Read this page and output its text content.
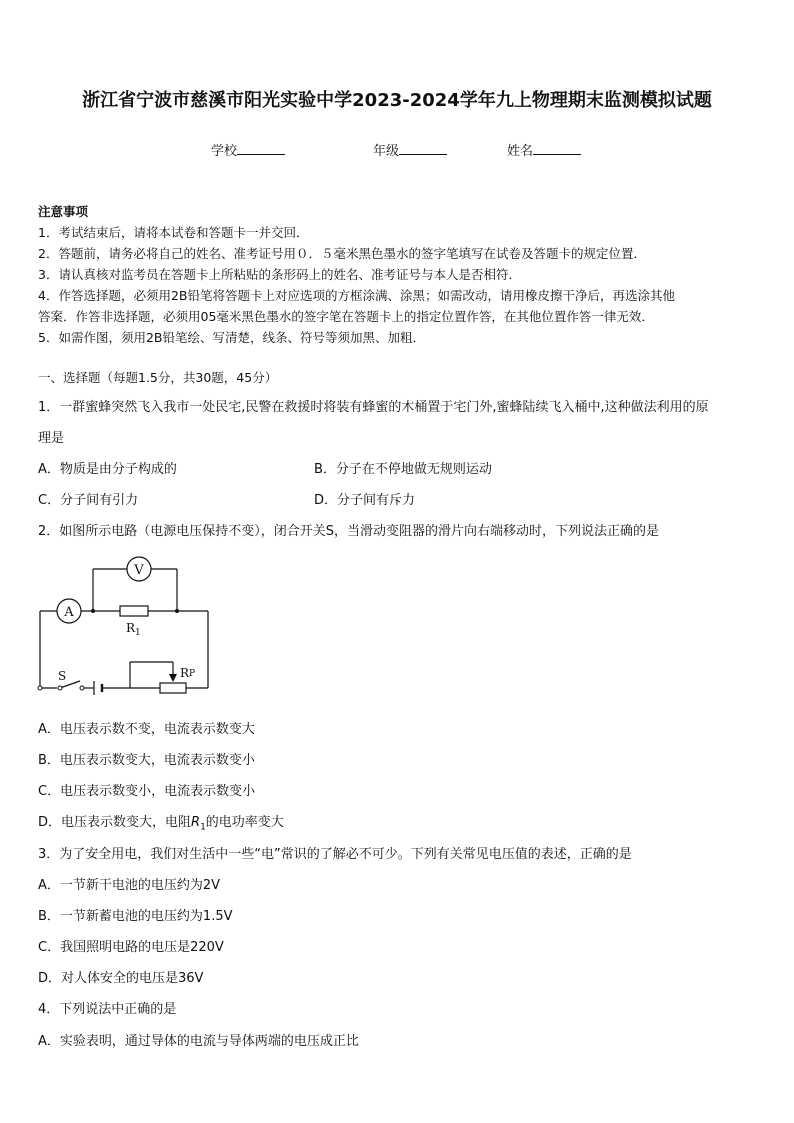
浙江省宁波市慈溪市阳光实验中学2023-2024学年九上物理期末监测模拟试题
学校	年级	姓名
注意事项
1．考试结束后，请将本试卷和答题卡一并交回．
2．答题前，请务必将自己的姓名、准考证号用０．５毫米黑色墨水的签字笔填写在试卷及答题卡的规定位置．
3．请认真核对监考员在答题卡上所粘贴的条形码上的姓名、准考证号与本人是否相符．
4．作答选择题，必须用2B铅笔将答题卡上对应选项的方框涂满、涂黑；如需改动，请用橡皮擦干净后，再选涂其他
答案．作答非选择题，必须用05毫米黑色墨水的签字笔在答题卡上的指定位置作答，在其他位置作答一律无效．
5．如需作图，须用2B铅笔绘、写清楚，线条、符号等须加黑、加粗．
一、选择题（每题1.5分，共30题，45分）
1．一群蜜蜂突然飞入我市一处民宅,民警在救援时将装有蜂蜜的木桶置于宅门外,蜜蜂陆续飞入桶中,这种做法利用的原
理是
A．物质是由分子构成的	B．分子在不停地做无规则运动
C．分子间有引力	D．分子间有斥力
2．如图所示电路（电源电压保持不变），闭合开关S，当滑动变阻器的滑片向右端移动时，下列说法正确的是
V
A
$R_1$
RP
S
A．电压表示数不变，电流表示数变大
B．电压表示数变大，电流表示数变小
C．电压表示数变小，电流表示数变小
D．电压表示数变大，电阻$R_1$的电功率变大
3．为了安全用电，我们对生活中一些“电”常识的了解必不可少。下列有关常见电压值的表述，正确的是
A．一节新干电池的电压约为2V
B．一节新蓄电池的电压约为1.5V
C．我国照明电路的电压是220V
D．对人体安全的电压是36V
4．下列说法中正确的是
A．实验表明，通过导体的电流与导体两端的电压成正比
